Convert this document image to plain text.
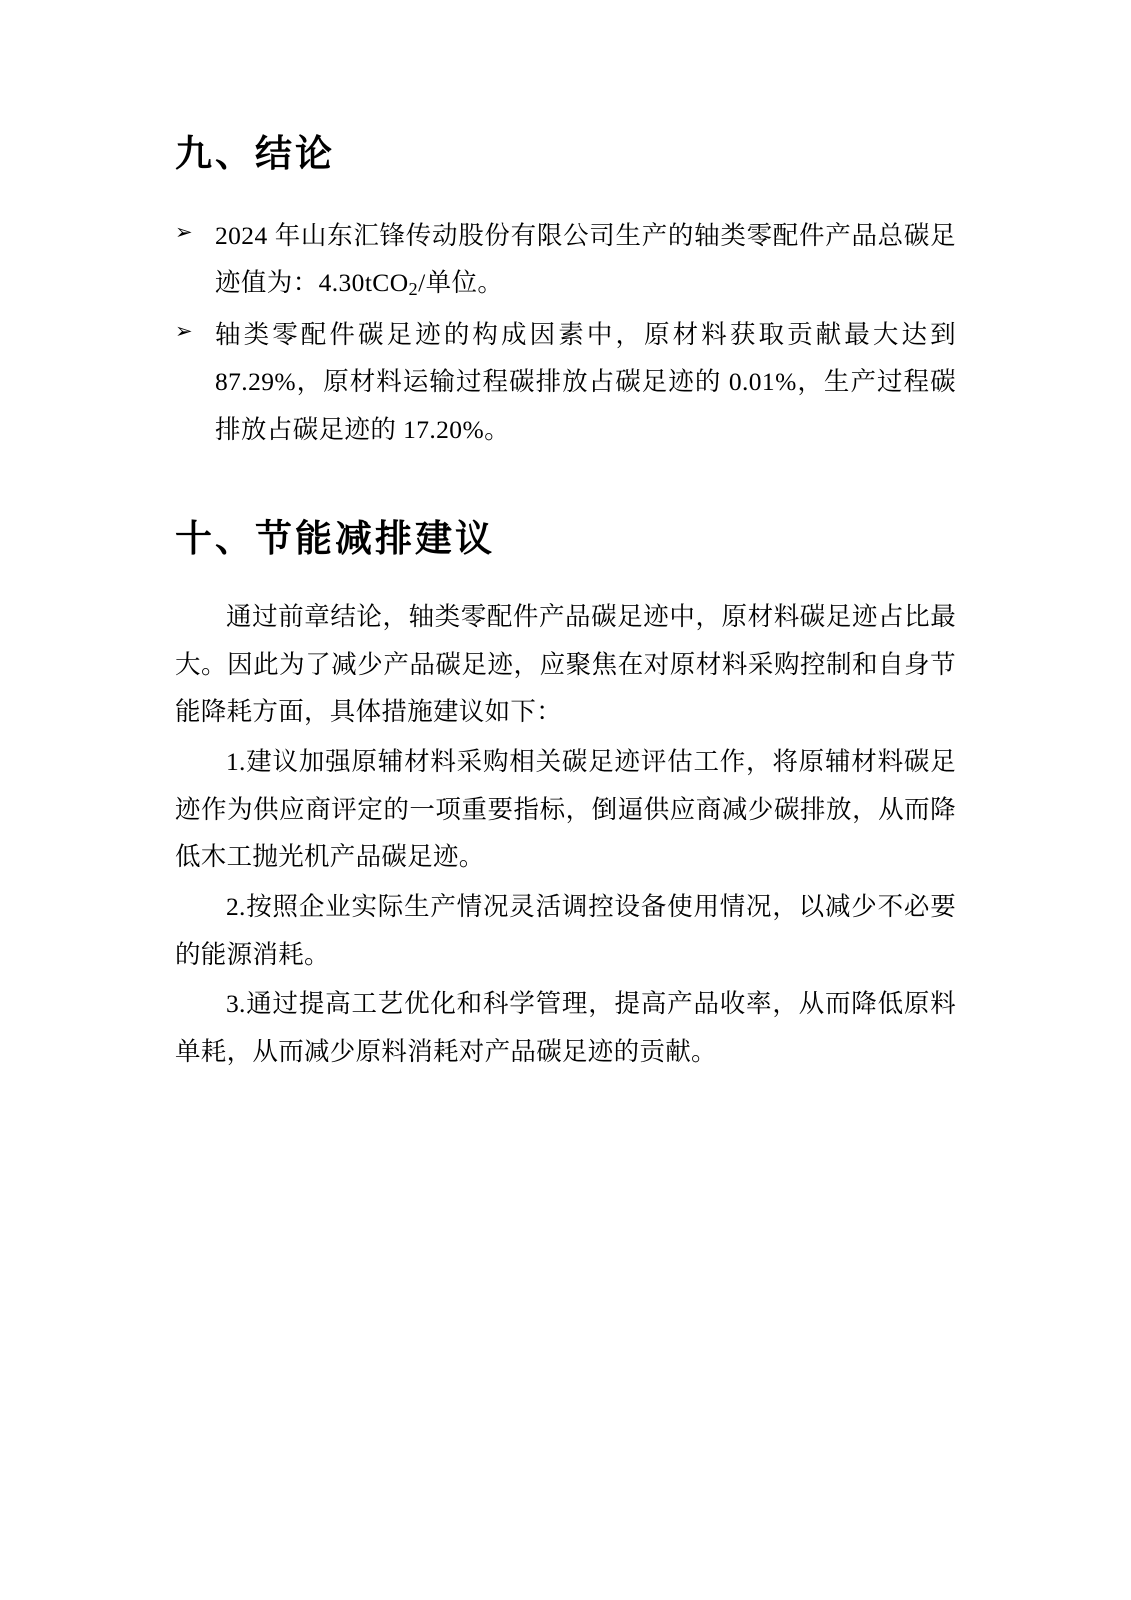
九、结论
➢ 2024 年山东汇锋传动股份有限公司生产的轴类零配件产品总碳足迹值为：4.30tCO$_2$/单位。
➢ 轴类零配件碳足迹的构成因素中，原材料获取贡献最大达到 87.29%，原材料运输过程碳排放占碳足迹的 0.01%，生产过程碳排放占碳足迹的 17.20%。
十、节能减排建议

通过前章结论，轴类零配件产品碳足迹中，原材料碳足迹占比最大。因此为了减少产品碳足迹，应聚焦在对原材料采购控制和自身节能降耗方面，具体措施建议如下：

1.建议加强原辅材料采购相关碳足迹评估工作，将原辅材料碳足迹作为供应商评定的一项重要指标，倒逼供应商减少碳排放，从而降低木工抛光机产品碳足迹。

2.按照企业实际生产情况灵活调控设备使用情况，以减少不必要的能源消耗。

3.通过提高工艺优化和科学管理，提高产品收率，从而降低原料单耗，从而减少原料消耗对产品碳足迹的贡献。
